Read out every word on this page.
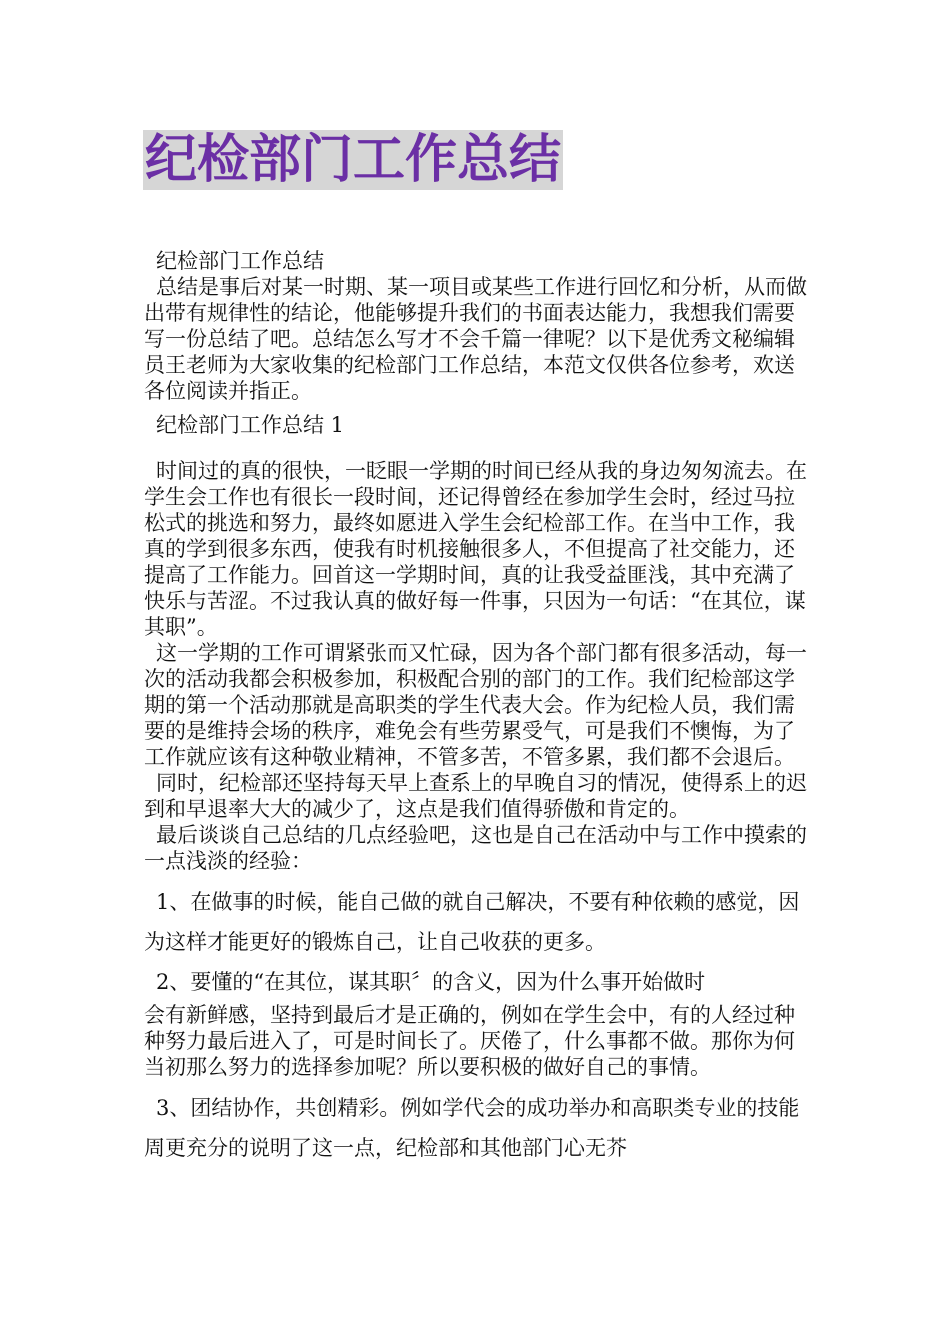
纪检部门工作总结

纪检部门工作总结

总结是事后对某一时期、某一项目或某些工作进行回忆和分析，从而做出带有规律性的结论，他能够提升我们的书面表达能力，我想我们需要写一份总结了吧。总结怎么写才不会千篇一律呢？以下是优秀文秘编辑员王老师为大家收集的纪检部门工作总结，本范文仅供各位参考，欢送各位阅读并指正。

纪检部门工作总结 1

时间过的真的很快，一眨眼一学期的时间已经从我的身边匆匆流去。在学生会工作也有很长一段时间，还记得曾经在参加学生会时，经过马拉松式的挑选和努力，最终如愿进入学生会纪检部工作。在当中工作，我真的学到很多东西，使我有时机接触很多人，不但提高了社交能力，还提高了工作能力。回首这一学期时间，真的让我受益匪浅，其中充满了快乐与苦涩。不过我认真的做好每一件事，只因为一句话：“在其位，谋其职”。

这一学期的工作可谓紧张而又忙碌，因为各个部门都有很多活动，每一次的活动我都会积极参加，积极配合别的部门的工作。我们纪检部这学期的第一个活动那就是高职类的学生代表大会。作为纪检人员，我们需要的是维持会场的秩序，难免会有些劳累受气，可是我们不懊悔，为了工作就应该有这种敬业精神，不管多苦，不管多累，我们都不会退后。

同时，纪检部还坚持每天早上查系上的早晚自习的情况，使得系上的迟到和早退率大大的减少了，这点是我们值得骄傲和肯定的。

最后谈谈自己总结的几点经验吧，这也是自己在活动中与工作中摸索的一点浅淡的经验：

1、在做事的时候，能自己做的就自己解决，不要有种依赖的感觉，因为这样才能更好的锻炼自己，让自己收获的更多。

2、要懂的“在其位，谋其职〞的含义，因为什么事开始做时

会有新鲜感，坚持到最后才是正确的，例如在学生会中，有的人经过种种努力最后进入了，可是时间长了。厌倦了，什么事都不做。那你为何当初那么努力的选择参加呢？所以要积极的做好自己的事情。

3、团结协作，共创精彩。例如学代会的成功举办和高职类专业的技能周更充分的说明了这一点，纪检部和其他部门心无芥
